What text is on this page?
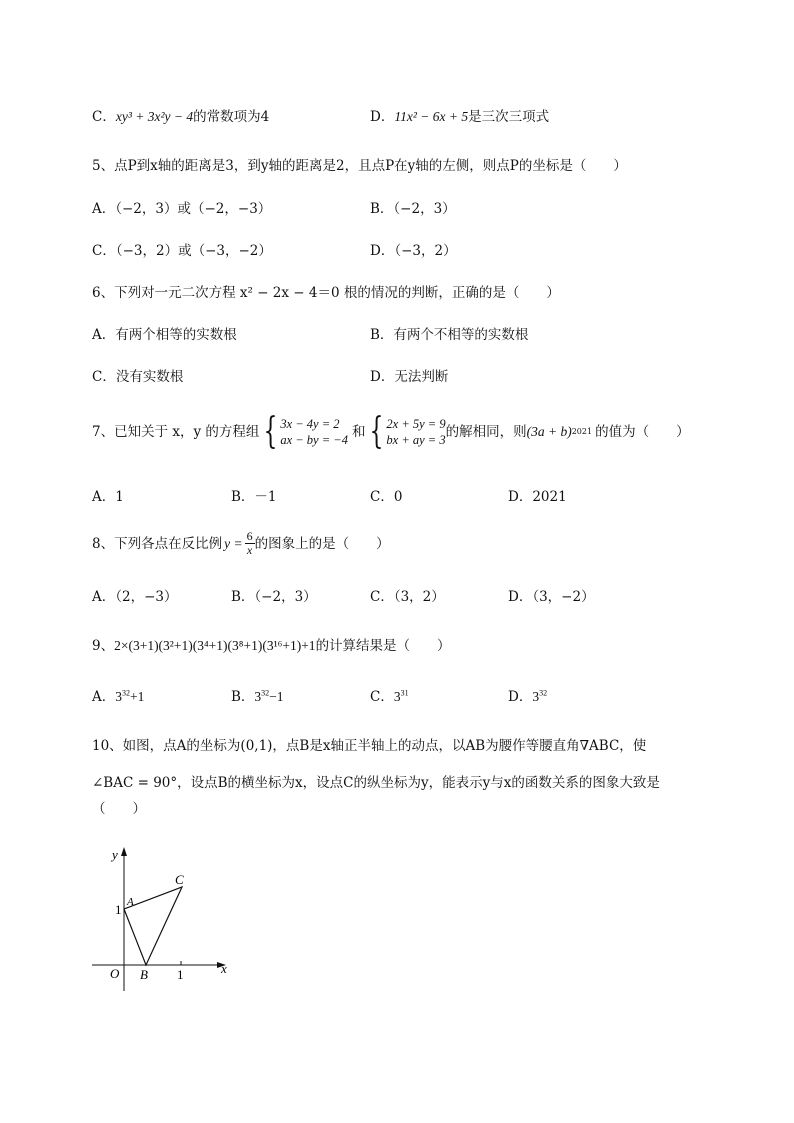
C．xy³ + 3x²y − 4的常数项为4	D．11x² − 6x + 5是三次三项式
5、点P到x轴的距离是3，到y轴的距离是2，且点P在y轴的左侧，则点P的坐标是（　　）
A．（−2，3）或（−2，−3）	B．（−2，3）
C．（−3，2）或（−3，−2）	D．（−3，2）
6、下列对一元二次方程 x² − 2x − 4＝0 根的情况的判断，正确的是（　　）
A．有两个相等的实数根	B．有两个不相等的实数根
C．没有实数根	D．无法判断
7、已知关于 x，y 的方程组 { 3x − 4y = 2
ax − by = −4 和 { 2x + 5y = 9
bx + ay = 3 的解相同，则 (3a + b) 2021 的值为（　　）
A．1	B．－1	C．0	D．2021
8、下列各点在反比例 $y = \frac{6}{x}$ 的图象上的是（　　）
A．（2，−3）	B．（−2，3）	C．（3，2）	D．（3，−2）
9、2×(3+1)(3²+1)(3⁴+1)(3⁸+1)(3¹⁶+1)+1的计算结果是（　　）
A．$3^{32}+1$	B．$3^{32}-1$	C．$3^{31}$	D．$3^{32}$
10、如图，点A的坐标为(0,1)，点B是x轴正半轴上的动点，以AB为腰作等腰直角∇ABC，使
∠BAC = 90°，设点B的横坐标为x，设点C的纵坐标为y，能表示y与x的函数关系的图象大致是
（　　）
y
x
O
A
B
C
1
1
